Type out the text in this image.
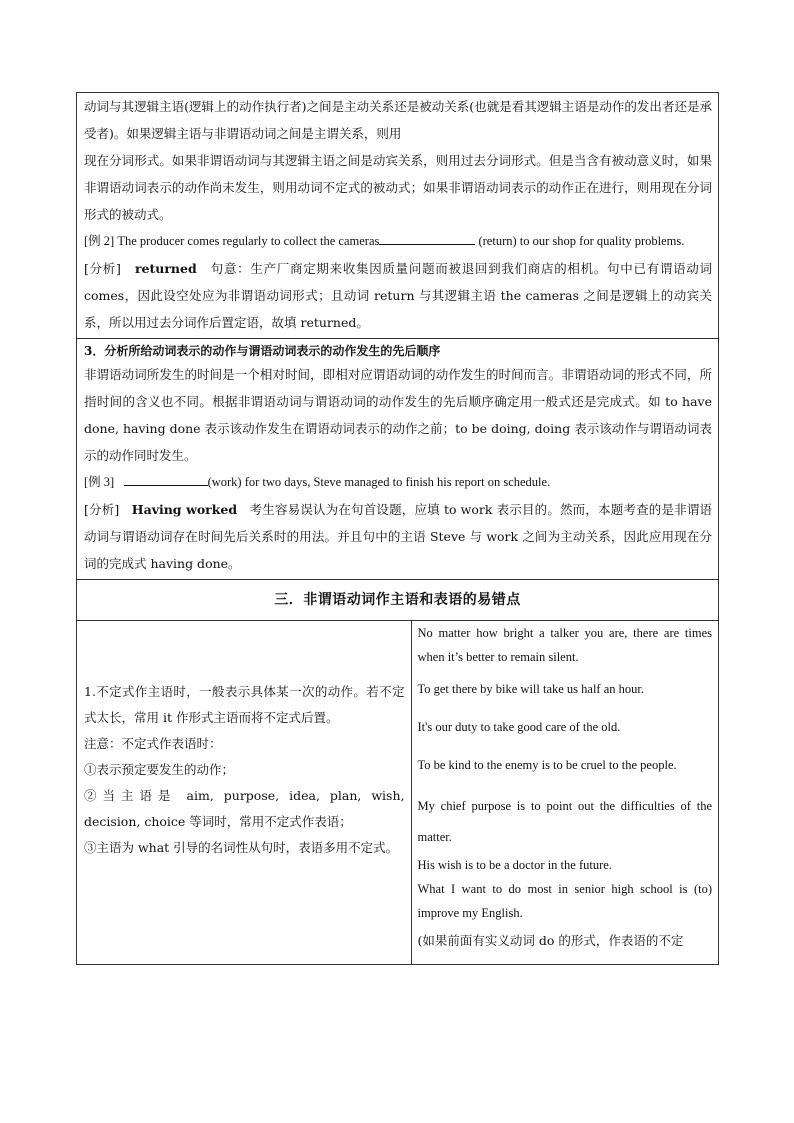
动词与其逻辑主语(逻辑上的动作执行者)之间是主动关系还是被动关系(也就是看其逻辑主语是动作的发出者还是承受者)。如果逻辑主语与非谓语动词之间是主谓关系，则用

现在分词形式。如果非谓语动词与其逻辑主语之间是动宾关系，则用过去分词形式。但是当含有被动意义时，如果非谓语动词表示的动作尚未发生，则用动词不定式的被动式；如果非谓语动词表示的动作正在进行，则用现在分词形式的被动式。

[例 2] The producer comes regularly to collect the cameras	(return) to our shop for quality problems.

[分析] returned 句意：生产厂商定期来收集因质量问题而被退回到我们商店的相机。句中已有谓语动词 comes，因此设空处应为非谓语动词形式；且动词 return 与其逻辑主语 the cameras 之间是逻辑上的动宾关系，所以用过去分词作后置定语，故填 returned。

3．分析所给动词表示的动作与谓语动词表示的动作发生的先后顺序

非谓语动词所发生的时间是一个相对时间，即相对应谓语动词的动作发生的时间而言。非谓语动词的形式不同，所指时间的含义也不同。根据非谓语动词与谓语动词的动作发生的先后顺序确定用一般式还是完成式。如 to have done, having done 表示该动作发生在谓语动词表示的动作之前；to be doing, doing 表示该动作与谓语动词表示的动作同时发生。

[例 3]	(work) for two days, Steve managed to finish his report on schedule.

[分析] Having worked 考生容易误认为在句首设题，应填 to work 表示目的。然而，本题考查的是非谓语动词与谓语动词存在时间先后关系时的用法。并且句中的主语 Steve 与 work 之间为主动关系，因此应用现在分词的完成式 having done。

三．非谓语动词作主语和表语的易错点

1.不定式作主语时，一般表示具体某一次的动作。若不定式太长，常用 it 作形式主语而将不定式后置。

注意：不定式作表语时：

①表示预定要发生的动作；

②当主语是 aim, purpose, idea, plan, wish, decision, choice 等词时，常用不定式作表语；

③主语为 what 引导的名词性从句时，表语多用不定式。

No matter how bright a talker you are, there are times when it’s better to remain silent.

To get there by bike will take us half an hour.

It's our duty to take good care of the old.

To be kind to the enemy is to be cruel to the people.

My chief purpose is to point out the difficulties of the matter.

His wish is to be a doctor in the future.

What I want to do most in senior high school is (to) improve my English.

(如果前面有实义动词 do 的形式，作表语的不定
